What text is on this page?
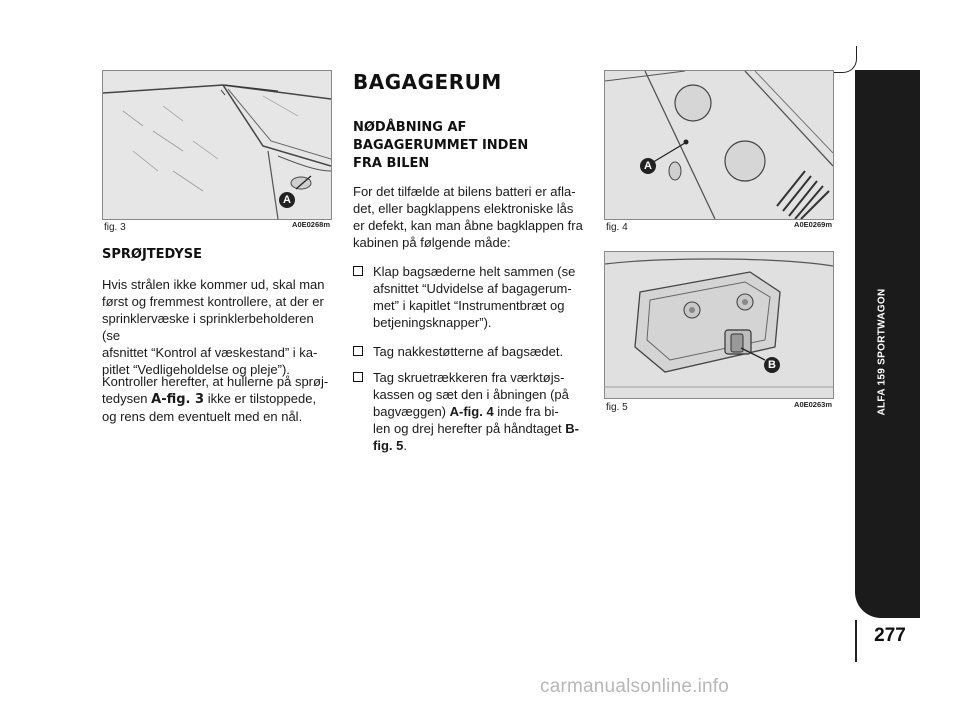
ALFA 159 SPORTWAGON
277
A
fig. 3	A0E0268m
SPRØJTEDYSE
Hvis strålen ikke kommer ud, skal man
først og fremmest kontrollere, at der er
sprinklervæske i sprinklerbeholderen (se
afsnittet “Kontrol af væskestand” i ka-
pitlet “Vedligeholdelse og pleje”).
Kontroller herefter, at hullerne på sprøj-
tedysen A-fig. 3 ikke er tilstoppede,
og rens dem eventuelt med en nål.
BAGAGERUM
NØDÅBNING AF
BAGAGERUMMET INDEN
FRA BILEN
For det tilfælde at bilens batteri er afla-
det, eller bagklappens elektroniske lås
er defekt, kan man åbne bagklappen fra
kabinen på følgende måde:
Klap bagsæderne helt sammen (se
afsnittet “Udvidelse af bagagerum-
met” i kapitlet “Instrumentbræt og
betjeningsknapper”).
Tag nakkestøtterne af bagsædet.
Tag skruetrækkeren fra værktøjs-
kassen og sæt den i åbningen (på
bagvæggen) A-fig. 4 inde fra bi-
len og drej herefter på håndtaget B-
fig. 5.
A
fig. 4	A0E0269m
B
fig. 5	A0E0263m
carmanualsonline.info
